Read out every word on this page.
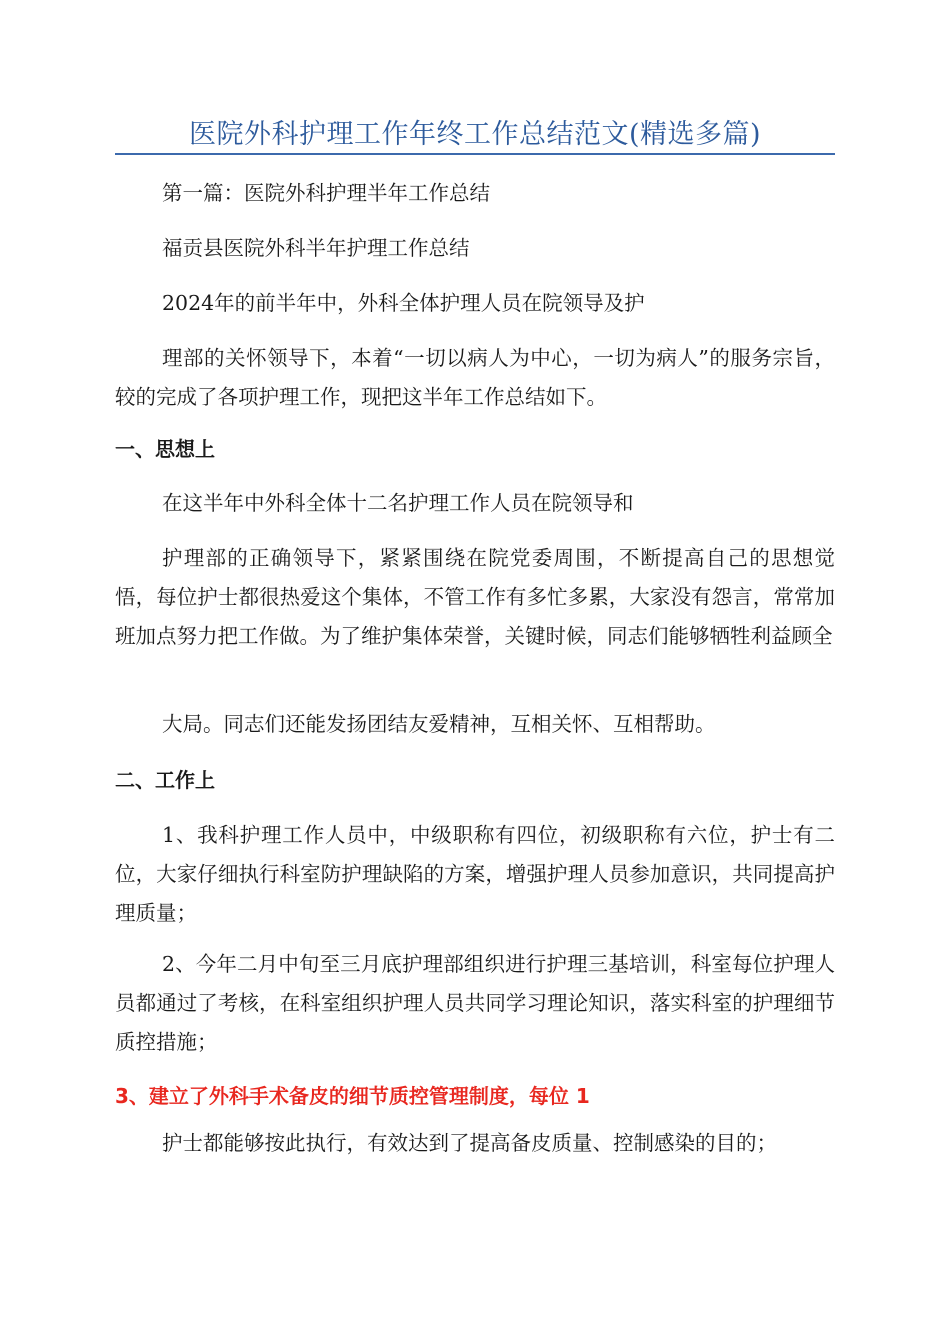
医院外科护理工作年终工作总结范文(精选多篇)

第一篇：医院外科护理半年工作总结

福贡县医院外科半年护理工作总结

2024年的前半年中，外科全体护理人员在院领导及护

理部的关怀领导下，本着“一切以病人为中心，一切为病人”的服务宗旨，较的完成了各项护理工作，现把这半年工作总结如下。

一、思想上

在这半年中外科全体十二名护理工作人员在院领导和

护理部的正确领导下，紧紧围绕在院党委周围，不断提高自己的思想觉悟，每位护士都很热爱这个集体，不管工作有多忙多累，大家没有怨言，常常加班加点努力把工作做。为了维护集体荣誉，关键时候，同志们能够牺牲利益顾全

大局。同志们还能发扬团结友爱精神，互相关怀、互相帮助。

二、工作上

1、我科护理工作人员中，中级职称有四位，初级职称有六位，护士有二位，大家仔细执行科室防护理缺陷的方案，增强护理人员参加意识，共同提高护理质量；

2、今年二月中旬至三月底护理部组织进行护理三基培训，科室每位护理人员都通过了考核，在科室组织护理人员共同学习理论知识，落实科室的护理细节质控措施；

3、建立了外科手术备皮的细节质控管理制度，每位 1

护士都能够按此执行，有效达到了提高备皮质量、控制感染的目的；
